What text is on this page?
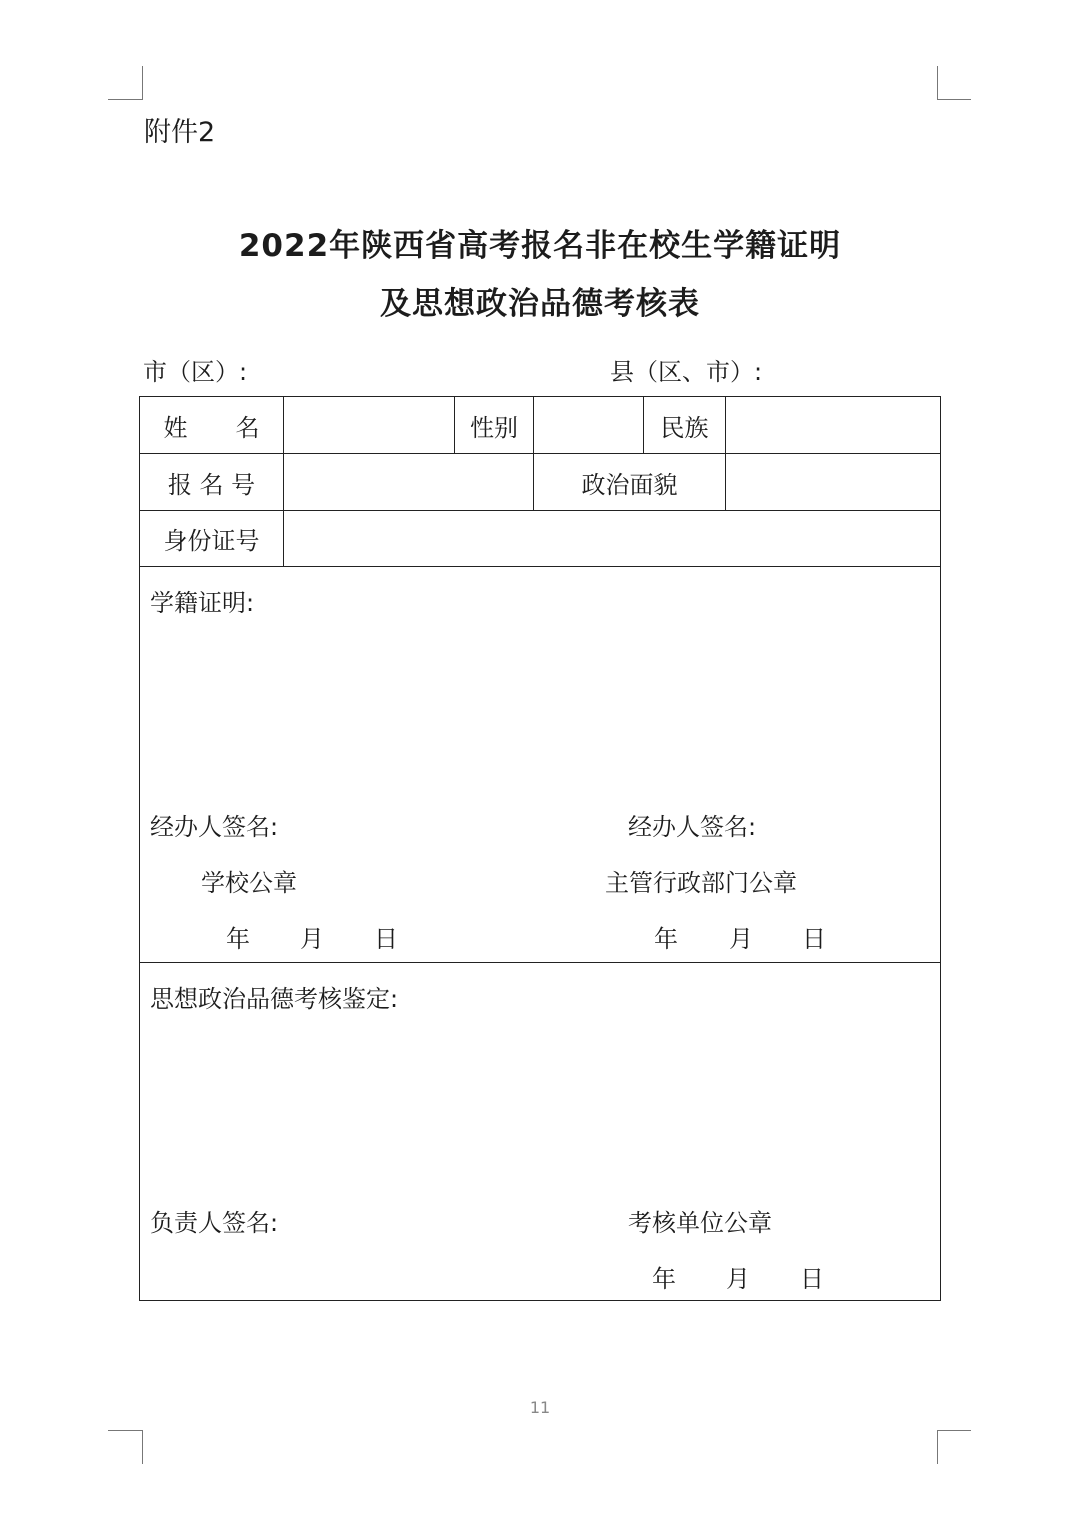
附件2
2022年陕西省高考报名非在校生学籍证明
及思想政治品德考核表
市（区）:	县（区、市）:
姓　　名	性别	民族
报 名 号	政治面貌
身份证号
学籍证明:
经办人签名:	经办人签名:
学校公章	主管行政部门公章
年 月 日	年 月 日
思想政治品德考核鉴定:
负责人签名:	考核单位公章
年 月 日
11
